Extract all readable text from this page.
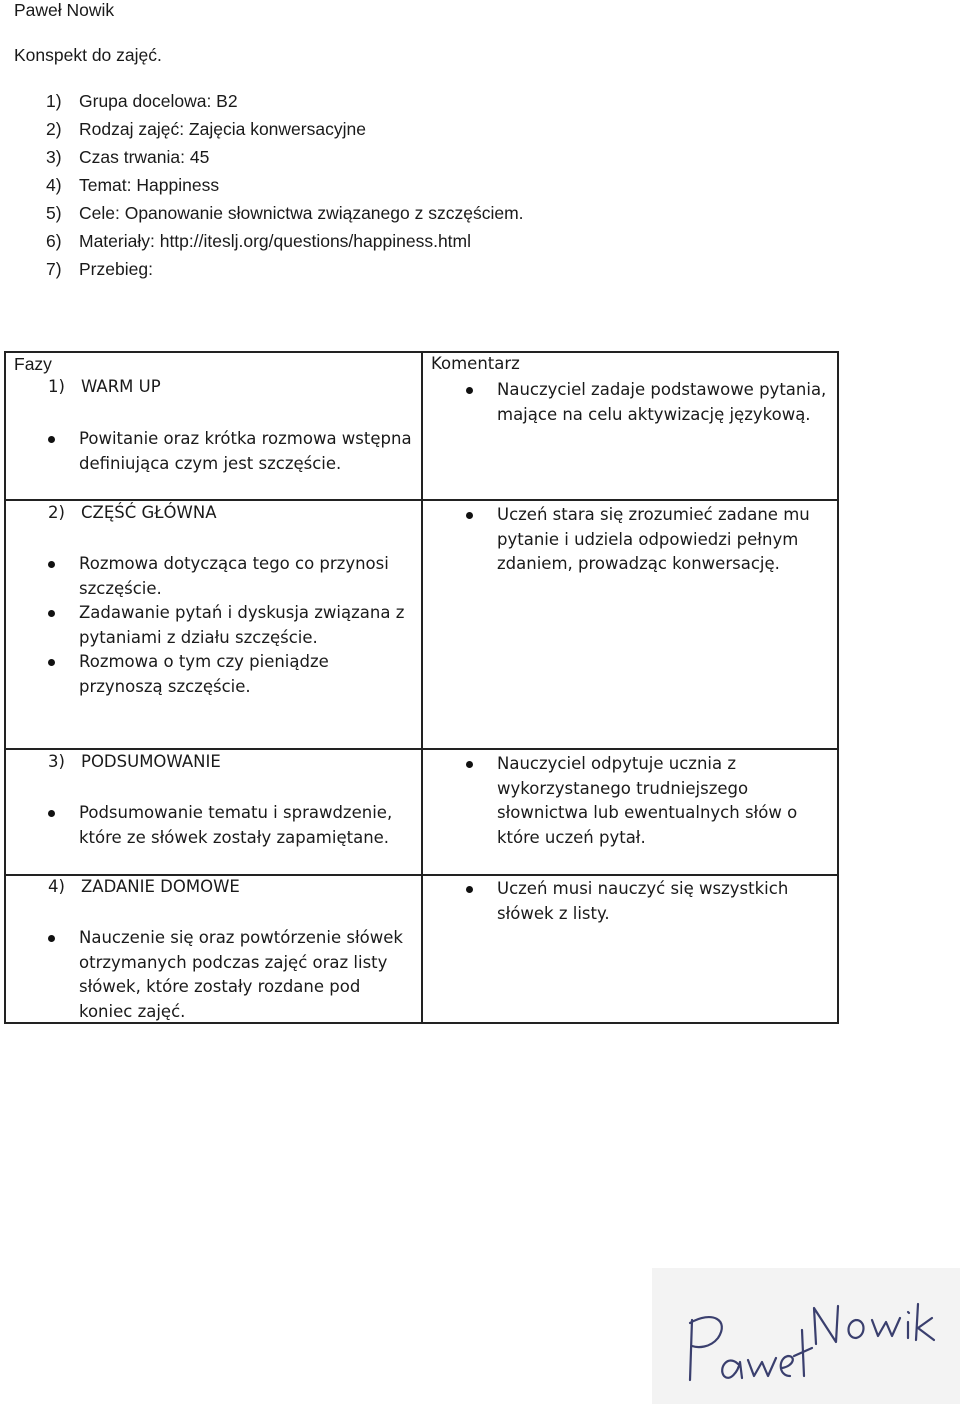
Paweł Nowik
Konspekt do zajęć.
1) Grupa docelowa: B2
2) Rodzaj zajęć: Zajęcia konwersacyjne
3) Czas trwania: 45
4) Temat: Happiness
5) Cele: Opanowanie słownictwa związanego z szczęściem.
6) Materiały: http://iteslj.org/questions/happiness.html
7) Przebieg:
Fazy	Komentarz
1) WARM UP
Powitanie oraz krótka rozmowa wstępna definiująca czym jest szczęście.
Nauczyciel zadaje podstawowe pytania, mające na celu aktywizację językową.
2) CZĘŚĆ GŁÓWNA
Rozmowa dotycząca tego co przynosi szczęście.
Zadawanie pytań i dyskusja związana z pytaniami z działu szczęście.
Rozmowa o tym czy pieniądze przynoszą szczęście.
Uczeń stara się zrozumieć zadane mu pytanie i udziela odpowiedzi pełnym zdaniem, prowadząc konwersację.
3) PODSUMOWANIE
Podsumowanie tematu i sprawdzenie, które ze słówek zostały zapamiętane.
Nauczyciel odpytuje ucznia z wykorzystanego trudniejszego słownictwa lub ewentualnych słów o które uczeń pytał.
4) ZADANIE DOMOWE
Nauczenie się oraz powtórzenie słówek otrzymanych podczas zajęć oraz listy słówek, które zostały rozdane pod koniec zajęć.
Uczeń musi nauczyć się wszystkich słówek z listy.
